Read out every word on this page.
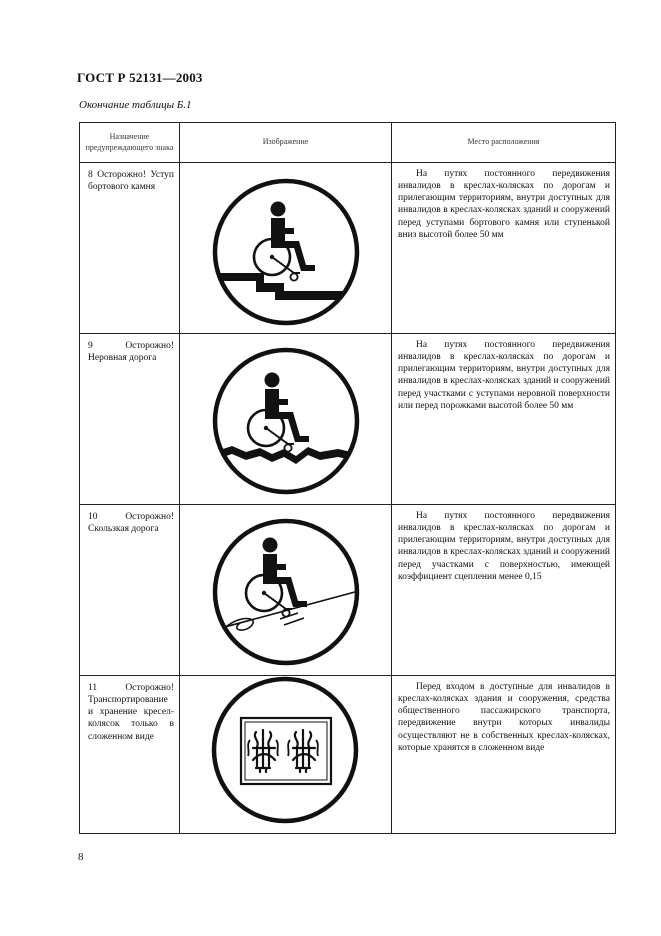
ГОСТ Р 52131—2003
Окончание таблицы Б.1
Назначение предупреждающего знака	Изображение	Место расположения

8 Осторожно! Уступ бортового камня		На путях постоянного передвижения инвалидов в креслах-колясках по дорогам и прилегающим территориям, внутри доступных для инвалидов в креслах-колясках зданий и сооружений перед уступами бортового камня или ступенькой вниз высотой более 50 мм

9 Осторожно! Неровная дорога		На путях постоянного передвижения инвалидов в креслах-колясках по дорогам и прилегающим территориям, внутри доступных для инвалидов в креслах-колясках зданий и сооружений перед участками с уступами неровной поверхности или перед порожками высотой более 50 мм

10 Осторожно! Скользкая дорога		На путях постоянного передвижения инвалидов в креслах-колясках по дорогам и прилегающим территориям, внутри доступных для инвалидов в креслах-колясках зданий и сооружений перед участками с поверхностью, имеющей коэффициент сцепления менее 0,15

11 Осторожно! Транспортирование и хранение кресел-колясок только в сложенном виде		Перед входом в доступные для инвалидов в креслах-колясках здания и сооружения, средства общественного пассажирского транспорта, передвижение внутри которых инвалиды осуществляют не в собственных креслах-колясках, которые хранятся в сложенном виде
8
